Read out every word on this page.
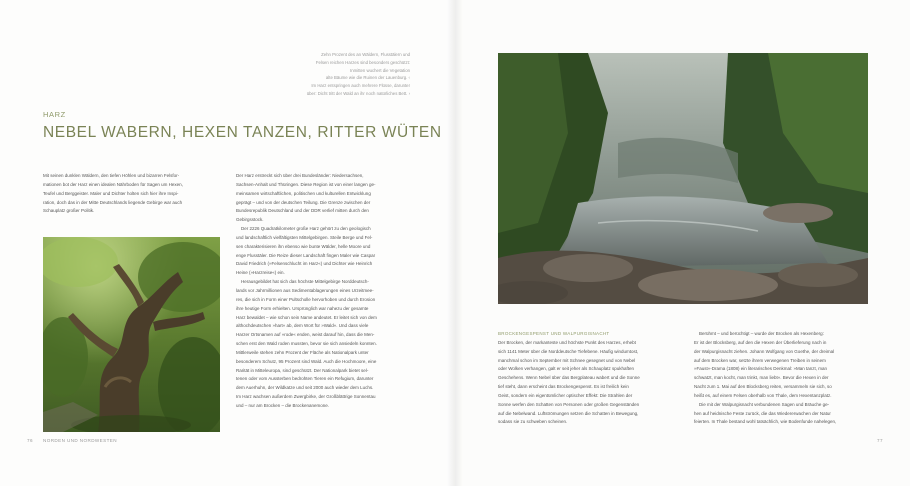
Zehn Prozent des an Wäldern, Flusstälern und
Felsen reichen Harzes sind besonders geschützt:
Inmitten wuchert die Vegetation
alte Bäume wie die Ruinen der Lauenburg. ‹
Im Harz entspringen auch mehrere Flüsse, darunter
über: Dicht tritt der Wald an ihr noch natürliches Bett. ›
HARZ
NEBEL WABERN, HEXEN TANZEN, RITTER WÜTEN
Mit seinen dunklen Wäldern, den tiefen Höhlen und bizarren Felsfor-
mationen bot der Harz einen idealen Nährboden für Sagen um Hexen,
Teufel und Berggeister. Maler und Dichter holten sich hier ihre Inspi-
ration, doch das in der Mitte Deutschlands liegende Gebirge war auch
Schauplatz großer Politik.
Der Harz erstreckt sich über drei Bundesländer: Niedersachsen,
Sachsen-Anhalt und Thüringen. Diese Region ist von einer langen ge-
meinsamen wirtschaftlichen, politischen und kulturellen Entwicklung
geprägt – und von der deutschen Teilung. Die Grenze zwischen der
Bundesrepublik Deutschland und der DDR verlief mitten durch den
Gebirgsstock.
Der 2226 Quadratkilometer große Harz gehört zu den geologisch
und landschaftlich vielfältigsten Mittelgebirgen. Steile Berge und Fel-
sen charakterisieren ihn ebenso wie bunte Wälder, helle Moore und
enge Flusstäler. Die Reize dieser Landschaft fingen Maler wie Caspar
David Friedrich (»Felsenschlucht im Harz«) und Dichter wie Heinrich
Heine (»Harzreise«) ein.
Herausgebildet hat sich das höchste Mittelgebirge Norddeutsch-
lands vor Jahrmillionen aus Sedimentablagerungen eines Urzeitmee-
res, die sich in Form einer Pultscholle hervorhoben und durch Erosion
ihre heutige Form erhielten. Ursprünglich war nahezu der gesamte
Harz bewaldet – wie schon sein Name andeutet. Er leitet sich von dem
althochdeutschen »hart« ab, dem Wort für »Wald«. Und dass viele
Harzer Ortsnamen auf »rode« enden, weist darauf hin, dass die Men-
schen erst den Wald roden mussten, bevor sie sich ansiedeln konnten.
Mittlerweile stehen zehn Prozent der Fläche als Nationalpark unter
besonderem Schutz, 95 Prozent sind Wald. Auch die Hochmoore, eine
Rarität in Mitteleuropa, sind geschützt. Der Nationalpark bietet sel-
tenen oder vom Aussterben bedrohten Tieren ein Refugium, darunter
dem Auerhuhn, der Wildkatze und seit 2000 auch wieder dem Luchs.
Im Harz wachsen außerdem Zwergbirke, der Großblättrige Sonnentau
und – nur am Brocken – die Brockenanemone.
BROCKENGESPENST UND WALPURGISNACHT
Der Brocken, der markanteste und höchste Punkt des Harzes, erhebt
sich 1141 Meter über die Norddeutsche Tiefebene. Häufig windumtost,
manchmal schon im September mit Schnee gesegnet und von Nebel
oder Wolken verhangen, galt er seit jeher als Schauplatz spukhaften
Geschehens. Wenn Nebel über das Bergplateau wabert und die Sonne
tief steht, dann erscheint das Brockengespenst. Es ist freilich kein
Geist, sondern ein eigentümlicher optischer Effekt: Die Strahlen der
Sonne werfen den Schatten von Personen oder großen Gegenständen
auf die Nebelwand. Luftströmungen setzen die Schatten in Bewegung,
sodass sie zu schweben scheinen.
Berühmt – und berüchtigt – wurde der Brocken als Hexenberg:
Er ist der Blocksberg, auf den die Hexen der Überlieferung nach in
der Walpurgisnacht ziehen. Johann Wolfgang von Goethe, der dreimal
auf dem Brocken war, setzte ihrem verwegenen Treiben in seinem
»Faust«-Drama (1808) ein literarisches Denkmal: »Man tanzt, man
schwatzt, man kocht, man trinkt, man liebt«. Bevor die Hexen in der
Nacht zum 1. Mai auf den Blocksberg reiten, versammeln sie sich, so
heißt es, auf einem Felsen oberhalb von Thale, dem Hexentanzplatz.
Die mit der Walpurgisnacht verbundenen Sagen und Bräuche ge-
hen auf heidnische Feste zurück, die das Wiedererwachen der Natur
feierten. In Thale bestand wohl tatsächlich, wie Bodenfunde nahelegen,
76 NORDEN UND NORDWESTEN	77
